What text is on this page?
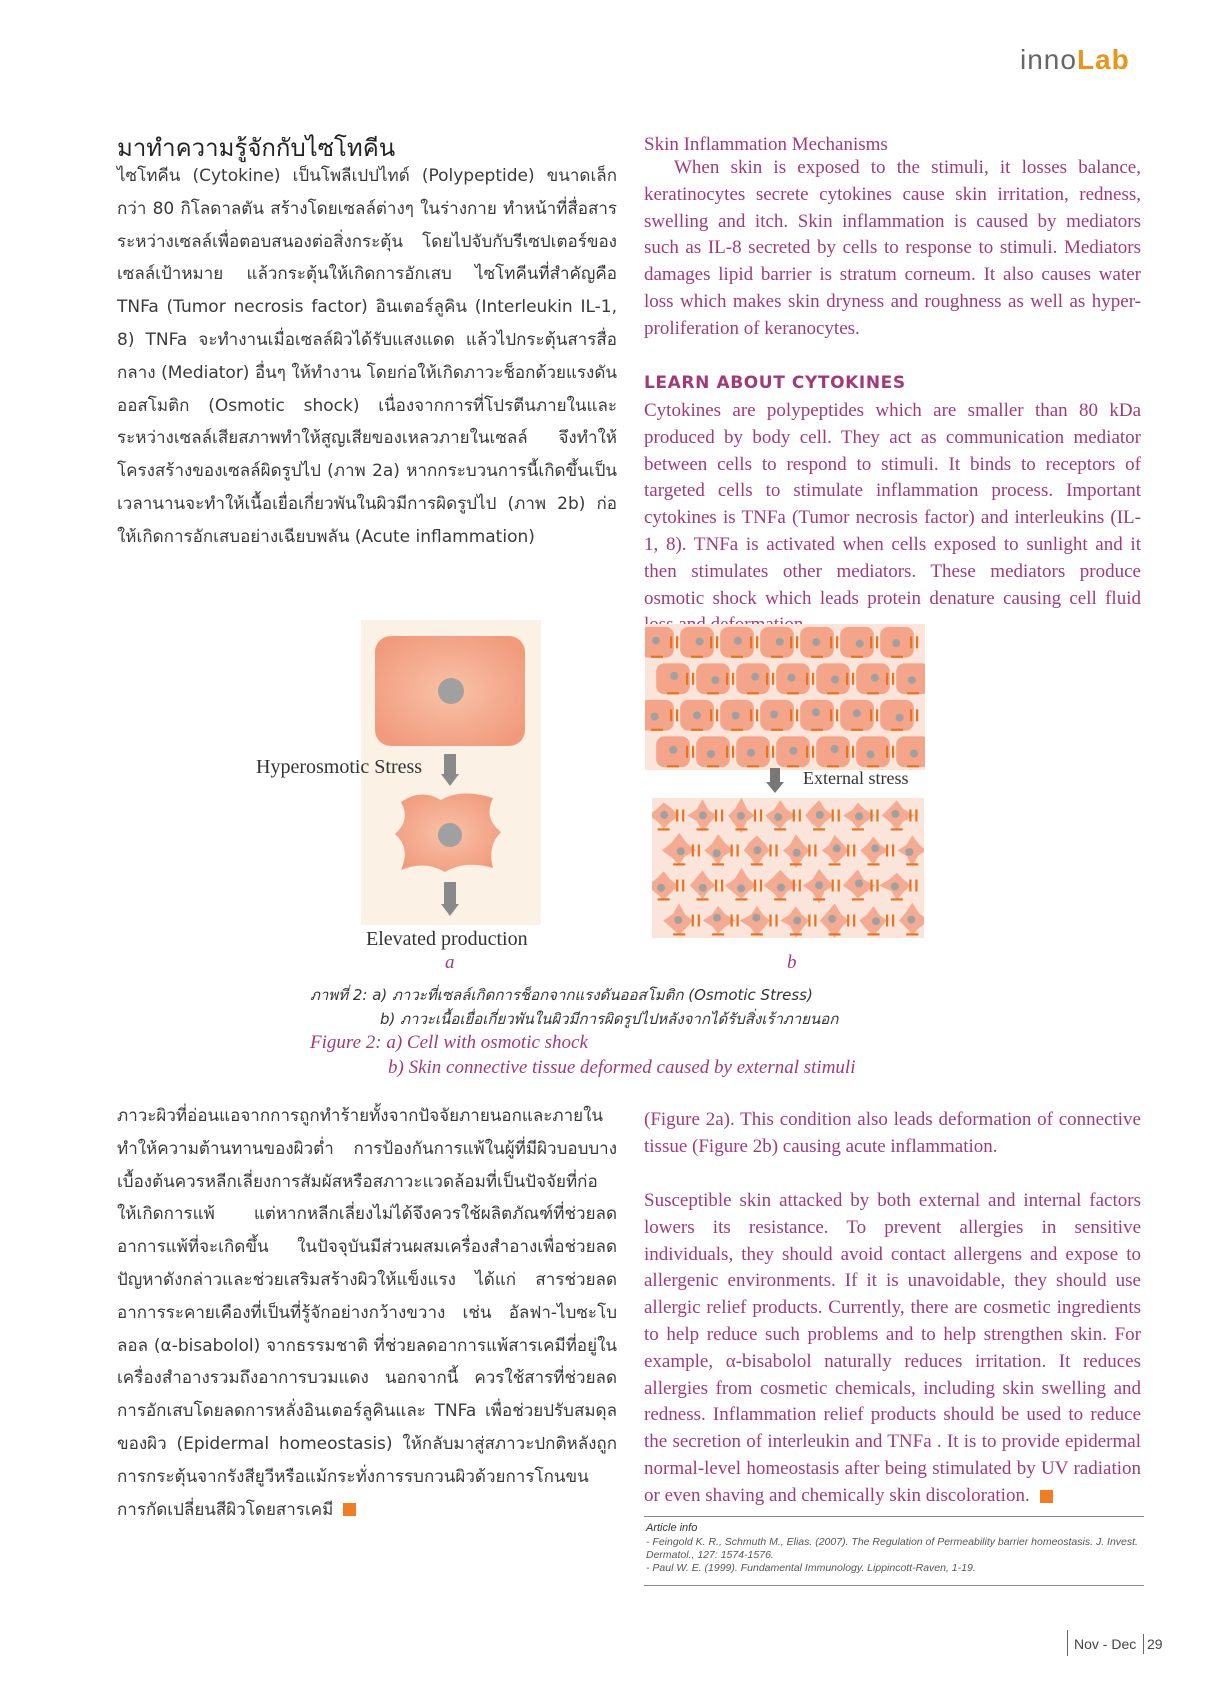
innoLab
มาทำความรู้จักกับไซโทคีน
ไซโทคีน (Cytokine) เป็นโพลีเปปไทด์ (Polypeptide) ขนาดเล็กกว่า 80 กิโลดาลตัน สร้างโดยเซลล์ต่างๆ ในร่างกาย ทำหน้าที่สื่อสารระหว่างเซลล์เพื่อตอบสนองต่อสิ่งกระตุ้น โดยไปจับกับรีเซปเตอร์ของเซลล์เป้าหมาย แล้วกระตุ้นให้เกิดการอักเสบ ไซโทคีนที่สำคัญคือ TNFa (Tumor necrosis factor) อินเตอร์ลูคิน (Interleukin IL-1, 8) TNFa จะทำงานเมื่อเซลล์ผิวได้รับแสงแดด แล้วไปกระตุ้นสารสื่อกลาง (Mediator) อื่นๆ ให้ทำงาน โดยก่อให้เกิดภาวะช็อกด้วยแรงดันออสโมติก (Osmotic shock) เนื่องจากการที่โปรตีนภายในและระหว่างเซลล์เสียสภาพทำให้สูญเสียของเหลวภายในเซลล์ จึงทำให้โครงสร้างของเซลล์ผิดรูปไป (ภาพ 2a) หากกระบวนการนี้เกิดขึ้นเป็นเวลานานจะทำให้เนื้อเยื่อเกี่ยวพันในผิวมีการผิดรูปไป (ภาพ 2b) ก่อให้เกิดการอักเสบอย่างเฉียบพลัน (Acute inflammation)
Skin Inflammation Mechanisms
When skin is exposed to the stimuli, it losses balance, keratinocytes secrete cytokines cause skin irritation, redness, swelling and itch. Skin inflammation is caused by mediators such as IL-8 secreted by cells to response to stimuli. Mediators damages lipid barrier is stratum corneum. It also causes water loss which makes skin dryness and roughness as well as hyper-proliferation of keranocytes.
LEARN ABOUT CYTOKINES
Cytokines are polypeptides which are smaller than 80 kDa produced by body cell. They act as communication mediator between cells to respond to stimuli. It binds to receptors of targeted cells to stimulate inflammation process. Important cytokines is TNFa (Tumor necrosis factor) and interleukins (IL-1, 8). TNFa is activated when cells exposed to sunlight and it then stimulates other mediators. These mediators produce osmotic shock which leads protein denature causing cell fluid
Hyperosmotic Stress
Elevated production
External stress
a	b
ภาพที่ 2: a) ภาวะที่เซลล์เกิดการช็อกจากแรงดันออสโมติก (Osmotic Stress)
b) ภาวะเนื้อเยื่อเกี่ยวพันในผิวมีการผิดรูปไปหลังจากได้รับสิ่งเร้าภายนอก
Figure 2: a) Cell with osmotic shock
b) Skin connective tissue deformed caused by external stimuli
ภาวะผิวที่อ่อนแอจากการถูกทำร้ายทั้งจากปัจจัยภายนอกและภายในทำให้ความต้านทานของผิวต่ำ การป้องกันการแพ้ในผู้ที่มีผิวบอบบางเบื้องต้นควรหลีกเลี่ยงการสัมผัสหรือสภาวะแวดล้อมที่เป็นปัจจัยที่ก่อให้เกิดการแพ้ แต่หากหลีกเลี่ยงไม่ได้จึงควรใช้ผลิตภัณฑ์ที่ช่วยลดอาการแพ้ที่จะเกิดขึ้น ในปัจจุบันมีส่วนผสมเครื่องสำอางเพื่อช่วยลดปัญหาดังกล่าวและช่วยเสริมสร้างผิวให้แข็งแรง ได้แก่ สารช่วยลดอาการระคายเคืองที่เป็นที่รู้จักอย่างกว้างขวาง เช่น อัลฟา-ไบซะโบลอล (α-bisabolol) จากธรรมชาติ ที่ช่วยลดอาการแพ้สารเคมีที่อยู่ในเครื่องสำอางรวมถึงอาการบวมแดง นอกจากนี้ ควรใช้สารที่ช่วยลดการอักเสบโดยลดการหลั่งอินเตอร์ลูคินและ TNFa เพื่อช่วยปรับสมดุลของผิว (Epidermal homeostasis) ให้กลับมาสู่สภาวะปกติหลังถูกการกระตุ้นจากรังสียูวีหรือแม้กระทั่งการรบกวนผิวด้วยการโกนขน การกัดเปลี่ยนสีผิวโดยสารเคมี
(Figure 2a). This condition also leads deformation of connective tissue (Figure 2b) causing acute inflammation.
Susceptible skin attacked by both external and internal factors lowers its resistance. To prevent allergies in sensitive individuals, they should avoid contact allergens and expose to allergenic environments. If it is unavoidable, they should use allergic relief products. Currently, there are cosmetic ingredients to help reduce such problems and to help strengthen skin. For example, α-bisabolol naturally reduces irritation. It reduces allergies from cosmetic chemicals, including skin swelling and redness. Inflammation relief products should be used to reduce the secretion of interleukin and TNFa . It is to provide epidermal normal-level homeostasis after being stimulated by UV radiation or even shaving and chemically skin discoloration.
Article info
- Feingold K. R., Schmuth M., Elias. (2007). The Regulation of Permeability barrier homeostasis. J. Invest. Dermatol., 127: 1574-1576.
- Paul W. E. (1999). Fundamental Immunology. Lippincott-Raven, 1-19.
Nov - Dec 29
